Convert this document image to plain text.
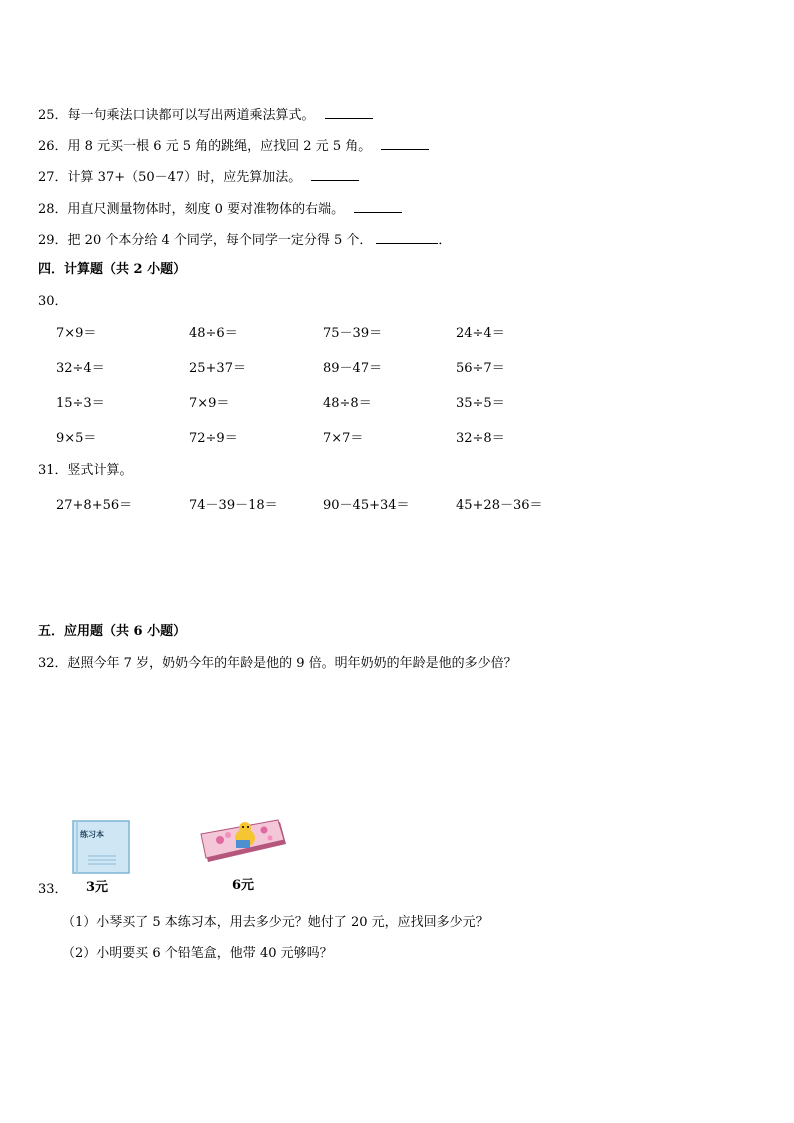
25．每一句乘法口诀都可以写出两道乘法算式。
26．用 8 元买一根 6 元 5 角的跳绳，应找回 2 元 5 角。
27．计算 37+（50－47）时，应先算加法。
28．用直尺测量物体时，刻度 0 要对准物体的右端。
29．把 20 个本分给 4 个同学，每个同学一定分得 5 个．	．
四．计算题（共 2 小题）
30．
7×9＝	48÷6＝	75－39＝	24÷4＝
32÷4＝	25+37＝	89－47＝	56÷7＝
15÷3＝	7×9＝	48÷8＝	35÷5＝
9×5＝	72÷9＝	7×7＝	32÷8＝
31．竖式计算。
27+8+56＝	74－39－18＝	90－45+34＝	45+28－36＝
五．应用题（共 6 小题）
32．赵照今年 7 岁，奶奶今年的年龄是他的 9 倍。明年奶奶的年龄是他的多少倍？
33．
练习本
3元	6元
（1）小琴买了 5 本练习本，用去多少元？她付了 20 元，应找回多少元？
（2）小明要买 6 个铅笔盒，他带 40 元够吗？
